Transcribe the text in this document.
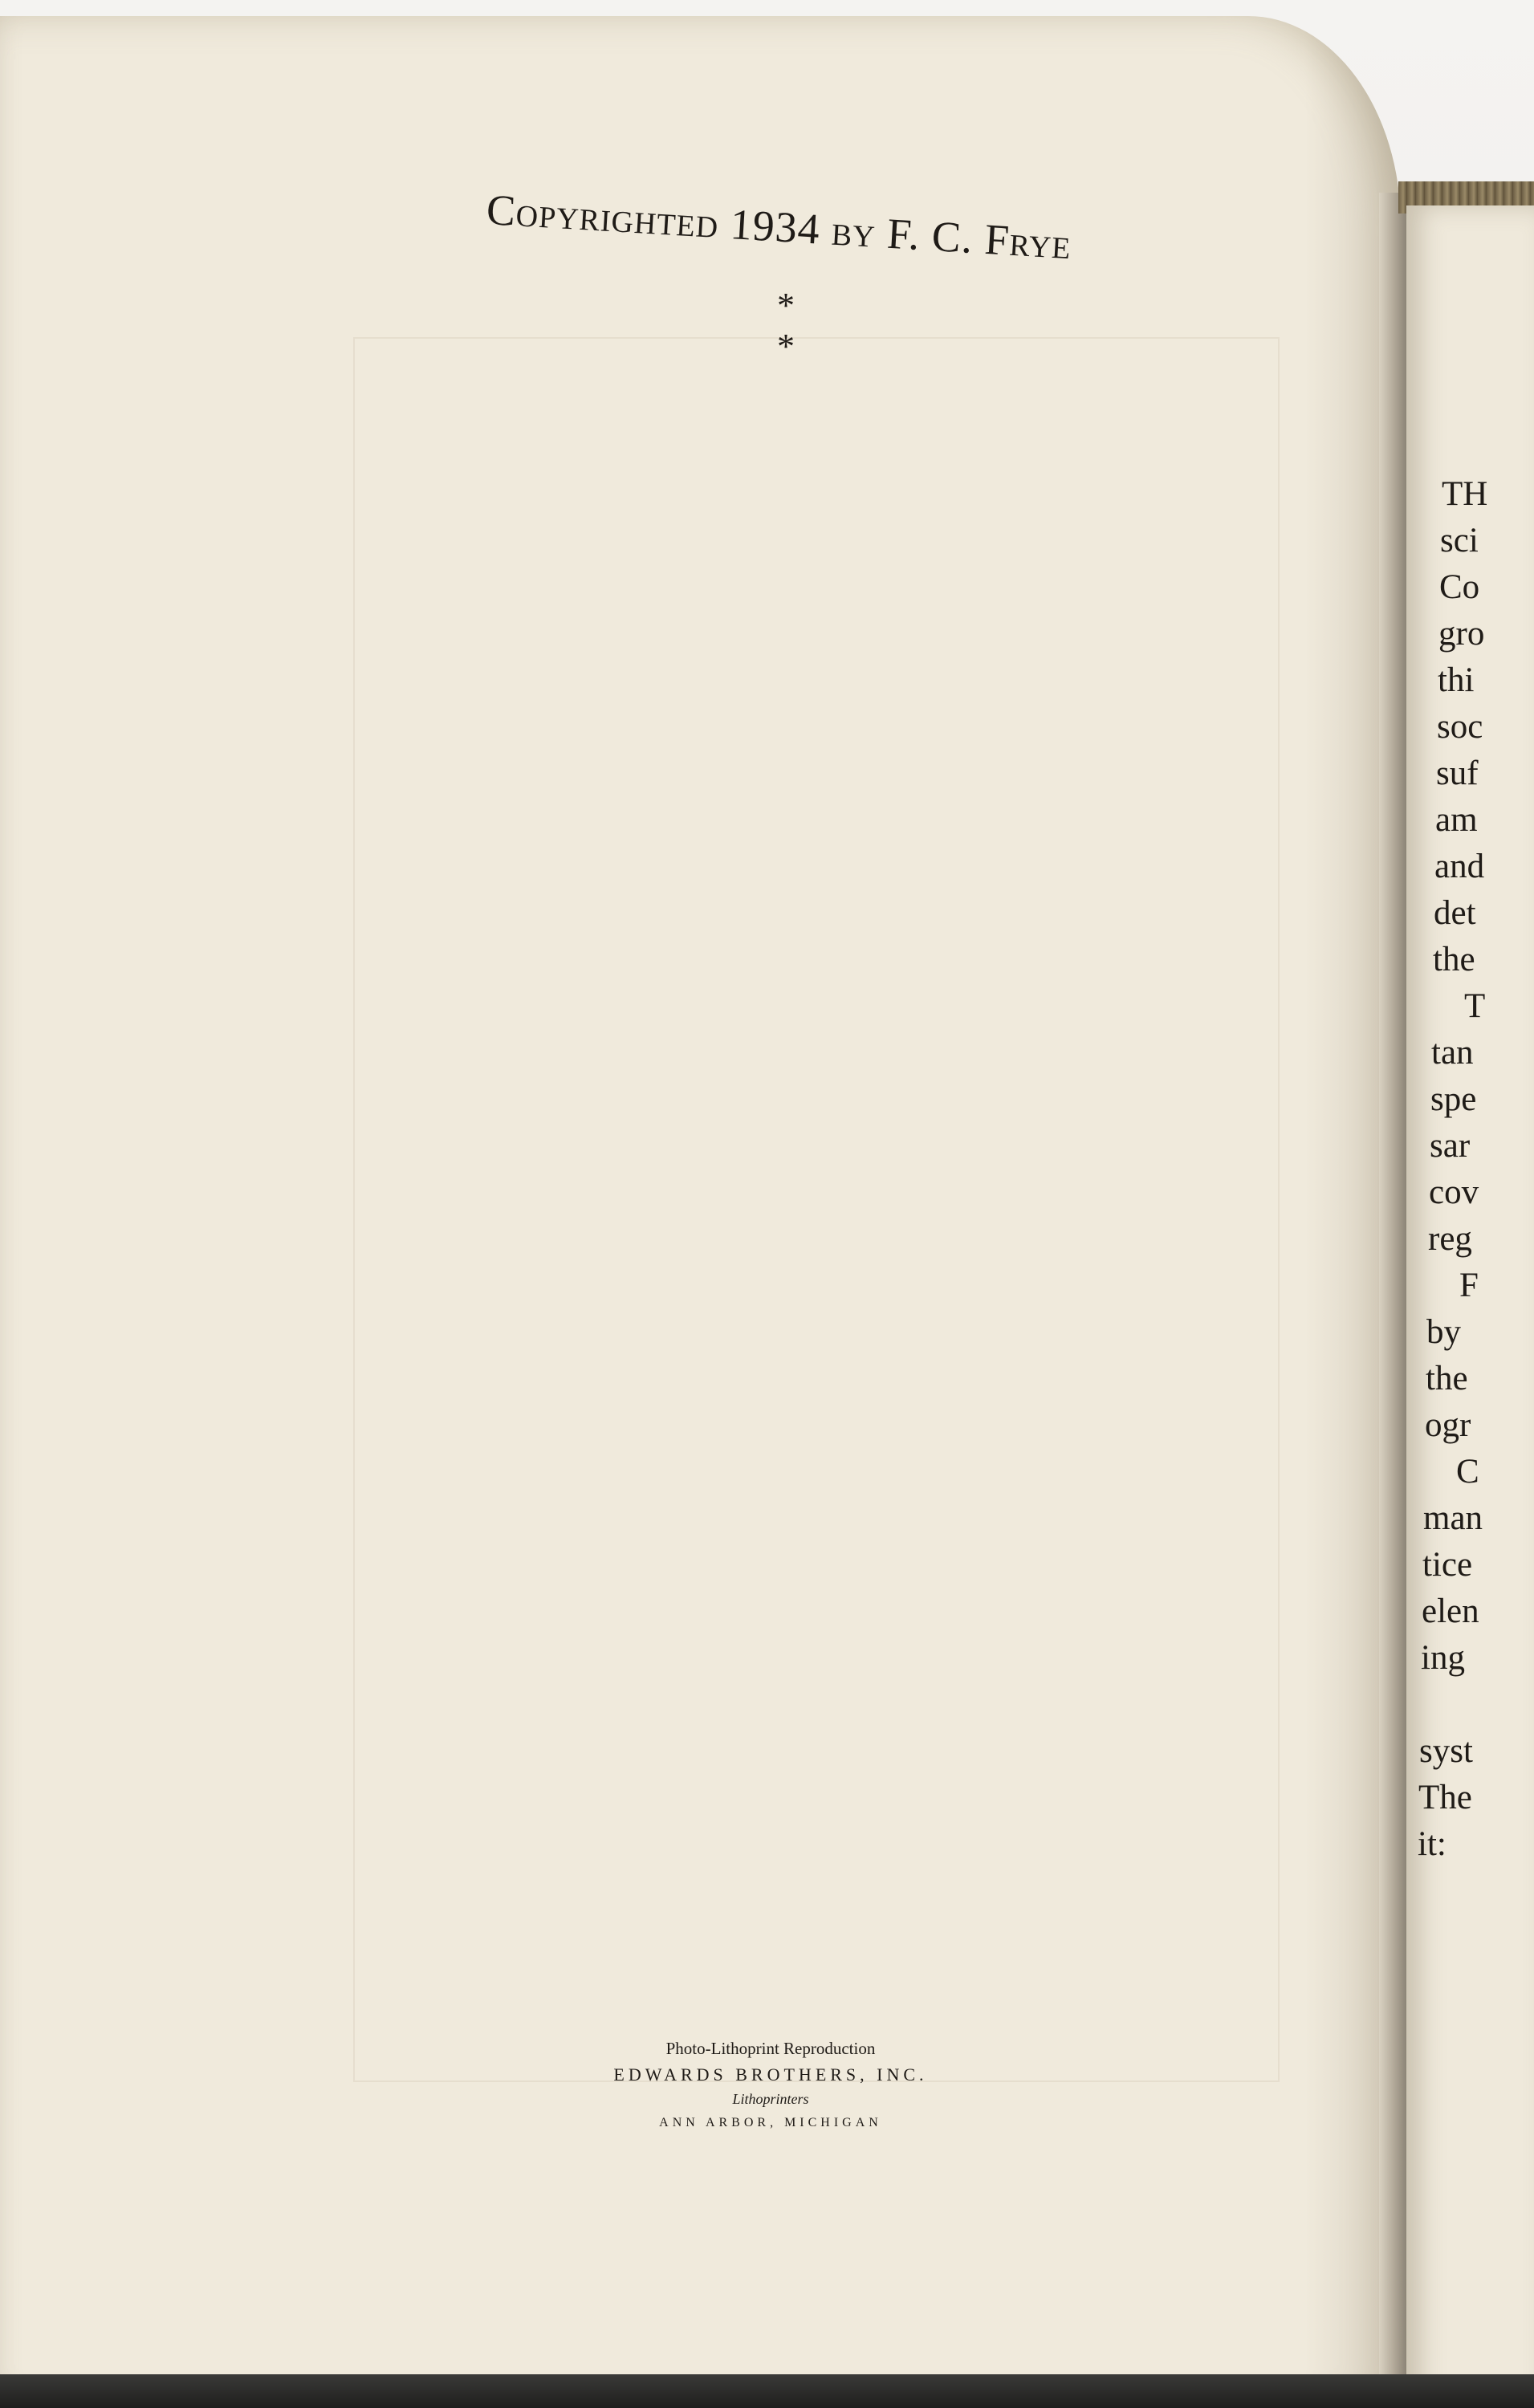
Copyrighted 1934 by F. C. Frye
* *
Photo-Lithoprint Reproduction
EDWARDS BROTHERS, INC.
Lithoprinters
ANN ARBOR, MICHIGAN
TH
sci
Co
gro
thi
soc
suf
am
and
det
the
T
tan
spe
sar
cov
reg
F
by
the
ogr
C
man
tice
elen
ing
syst
The
it:
